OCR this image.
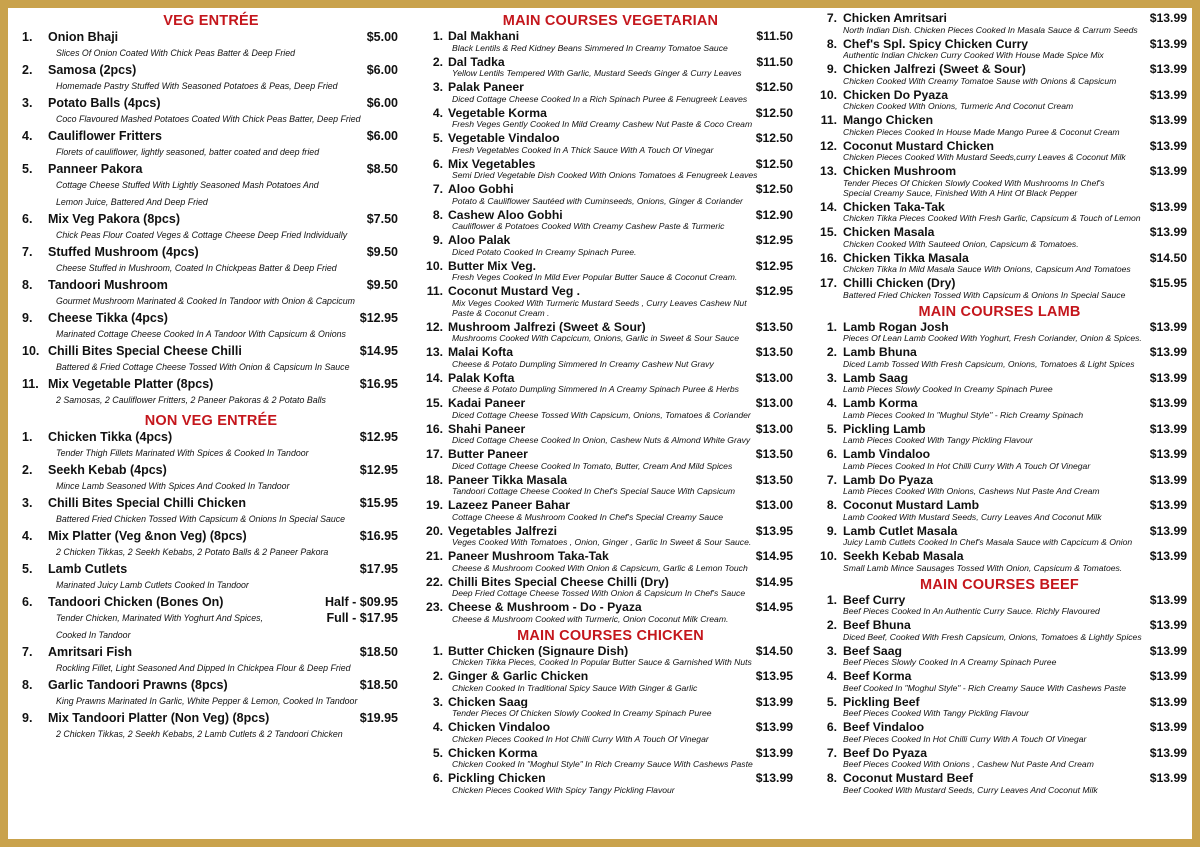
VEG ENTRÉE
1.	Onion Bhaji	$5.00
Slices Of Onion Coated With Chick Peas Batter & Deep Fried
2.	Samosa (2pcs)	$6.00
Homemade Pastry Stuffed With Seasoned Potatoes & Peas, Deep Fried
3.	Potato Balls (4pcs)	$6.00
Coco Flavoured Mashed Potatoes Coated With Chick Peas Batter, Deep Fried
4.	Cauliflower Fritters	$6.00
Florets of cauliflower, lightly seasoned, batter coated and deep fried
5.	Panneer Pakora	$8.50
Cottage Cheese Stuffed With Lightly Seasoned Mash Potatoes And
Lemon Juice, Battered And Deep Fried
6.	Mix Veg Pakora (8pcs)	$7.50
Chick Peas Flour Coated Veges & Cottage Cheese Deep Fried Individually
7.	Stuffed Mushroom (4pcs)	$9.50
Cheese Stuffed in Mushroom, Coated In Chickpeas Batter & Deep Fried
8.	Tandoori Mushroom	$9.50
Gourmet Mushroom Marinated & Cooked In Tandoor with Onion & Capcicum
9.	Cheese Tikka (4pcs)	$12.95
Marinated Cottage Cheese Cooked In A Tandoor With Capsicum & Onions
10. Chilli Bites Special Cheese Chilli	$14.95
Battered & Fried Cottage Cheese Tossed With Onion & Capsicum In Sauce
11. Mix Vegetable Platter (8pcs)	$16.95
2 Samosas, 2 Cauliflower Fritters, 2 Paneer Pakoras & 2 Potato Balls
NON VEG ENTRÉE
1.	Chicken Tikka (4pcs)	$12.95
Tender Thigh Fillets Marinated With Spices & Cooked In Tandoor
2.	Seekh Kebab (4pcs)	$12.95
Mince Lamb Seasoned With Spices And Cooked In Tandoor
3.	Chilli Bites Special Chilli Chicken	$15.95
Battered Fried Chicken Tossed With Capsicum & Onions In Special Sauce
4.	Mix Platter (Veg &non Veg) (8pcs)	$16.95
2 Chicken Tikkas, 2 Seekh Kebabs, 2 Potato Balls & 2 Paneer Pakora
5.	Lamb Cutlets	$17.95
Marinated Juicy Lamb Cutlets Cooked In Tandoor
6.	Tandoori Chicken (Bones On)	Half - $09.95
Tender Chicken, Marinated With Yoghurt And Spices,	Full - $17.95
Cooked In Tandoor
7.	Amritsari Fish	$18.50
Rockling Fillet, Light Seasoned And Dipped In Chickpea Flour & Deep Fried
8.	Garlic Tandoori Prawns (8pcs)	$18.50
King Prawns Marinated In Garlic, White Pepper & Lemon, Cooked In Tandoor
9.	Mix Tandoori Platter (Non Veg) (8pcs)	$19.95
2 Chicken Tikkas, 2 Seekh Kebabs, 2 Lamb Cutlets & 2 Tandoori Chicken
MAIN COURSES VEGETARIAN
1. Dal Makhani	$11.50
Black Lentils & Red Kidney Beans Simmered In Creamy Tomatoe Sauce
2. Dal Tadka	$11.50
Yellow Lentils Tempered With Garlic, Mustard Seeds Ginger & Curry Leaves
3. Palak Paneer	$12.50
Diced Cottage Cheese Cooked In a Rich Spinach Puree & Fenugreek Leaves
4. Vegetable Korma	$12.50
Fresh Veges Gently Cooked In Mild Creamy Cashew Nut Paste & Coco Cream
5. Vegetable Vindaloo	$12.50
Fresh Vegetables Cooked In A Thick Sauce With A Touch Of Vinegar
6. Mix Vegetables	$12.50
Semi Dried Vegetable Dish Cooked With Onions Tomatoes & Fenugreek Leaves
7. Aloo Gobhi	$12.50
Potato & Cauliflower Sautéed with Cuminseeds, Onions, Ginger & Coriander
8. Cashew Aloo Gobhi	$12.90
Cauliflower & Potatoes Cooked With Creamy Cashew Paste & Turmeric
9. Aloo Palak	$12.95
Diced Potato Cooked In Creamy Spinach Puree.
10. Butter Mix Veg.	$12.95
Fresh Veges Cooked In Mild Ever Popular Butter Sauce & Coconut Cream.
11. Coconut Mustard Veg .	$12.95
Mix Veges Cooked With Turmeric Mustard Seeds , Curry Leaves Cashew Nut
Paste & Coconut Cream .
12. Mushroom Jalfrezi (Sweet & Sour)	$13.50
Mushrooms Cooked With Capcicum, Onions, Garlic in Sweet & Sour Sauce
13. Malai Kofta	$13.50
Cheese & Potato Dumpling Simmered In Creamy Cashew Nut Gravy
14. Palak Kofta	$13.00
Cheese & Potato Dumpling Simmered In A Creamy Spinach Puree & Herbs
15. Kadai Paneer	$13.00
Diced Cottage Cheese Tossed With Capsicum, Onions, Tomatoes & Coriander
16. Shahi Paneer	$13.00
Diced Cottage Cheese Cooked In Onion, Cashew Nuts & Almond White Gravy
17. Butter Paneer	$13.50
Diced Cottage Cheese Cooked In Tomato, Butter, Cream And Mild Spices
18. Paneer Tikka Masala	$13.50
Tandoori Cottage Cheese Cooked In Chef's Special Sauce With Capsicum
19. Lazeez Paneer Bahar	$13.00
Cottage Cheese & Mushroom Cooked In Chef's Special Creamy Sauce
20. Vegetables Jalfrezi	$13.95
Veges Cooked With Tomatoes , Onion, Ginger , Garlic In Sweet & Sour Sauce.
21. Paneer Mushroom Taka-Tak	$14.95
Cheese & Mushroom Cooked With Onion & Capsicum, Garlic & Lemon Touch
22. Chilli Bites Special Cheese Chilli (Dry)	$14.95
Deep Fried Cottage Cheese Tossed With Onion & Capsicum In Chef's Sauce
23. Cheese & Mushroom - Do - Pyaza	$14.95
Cheese & Mushroom Cooked with Turmeric, Onion Coconut Milk Cream.
MAIN COURSES CHICKEN
1. Butter Chicken (Signaure Dish)	$14.50
Chicken Tikka Pieces, Cooked In Popular Butter Sauce & Garnished With Nuts
2. Ginger & Garlic Chicken	$13.95
Chicken Cooked In Traditional Spicy Sauce With Ginger & Garlic
3. Chicken Saag	$13.99
Tender Pieces Of Chicken Slowly Cooked In Creamy Spinach Puree
4. Chicken Vindaloo	$13.99
Chicken Pieces Cooked In Hot Chilli Curry With A Touch Of Vinegar
5. Chicken Korma	$13.99
Chicken Cooked In "Moghul Style" In Rich Creamy Sauce With Cashews Paste
6. Pickling Chicken	$13.99
Chicken Pieces Cooked With Spicy Tangy Pickling Flavour
7. Chicken Amritsari	$13.99
North Indian Dish. Chicken Pieces Cooked In Masala Sauce & Carrum Seeds
8. Chef's Spl. Spicy Chicken Curry	$13.99
Authentic Indian Chicken Curry Cooked With House Made Spice Mix
9. Chicken Jalfrezi (Sweet & Sour)	$13.99
Chicken Cooked With Creamy Tomatoe Sause with Onions & Capsicum
10. Chicken Do Pyaza	$13.99
Chicken Cooked With Onions, Turmeric And Coconut Cream
11. Mango Chicken	$13.99
Chicken Pieces Cooked In House Made Mango Puree & Coconut Cream
12. Coconut Mustard Chicken	$13.99
Chicken Pieces Cooked With Mustard Seeds,curry Leaves & Coconut Milk
13. Chicken Mushroom	$13.99
Tender Pieces Of Chicken Slowly Cooked With Mushrooms In Chef's
Special Creamy Sauce, Finished With A Hint Of Black Pepper
14. Chicken Taka-Tak	$13.99
Chicken Tikka Pieces Cooked With Fresh Garlic, Capsicum & Touch of Lemon
15. Chicken Masala	$13.99
Chicken Cooked With Sauteed Onion, Capsicum & Tomatoes.
16. Chicken Tikka Masala	$14.50
Chicken Tikka In Mild Masala Sauce With Onions, Capsicum And Tomatoes
17. Chilli Chicken (Dry)	$15.95
Battered Fried Chicken Tossed With Capsicum & Onions In Special Sauce
MAIN COURSES LAMB
1. Lamb Rogan Josh	$13.99
Pieces Of Lean Lamb Cooked With Yoghurt, Fresh Coriander, Onion & Spices.
2. Lamb Bhuna	$13.99
Diced Lamb Tossed With Fresh Capsicum, Onions, Tomatoes & Light Spices
3. Lamb Saag	$13.99
Lamb Pieces Slowly Cooked In Creamy Spinach Puree
4. Lamb Korma	$13.99
Lamb Pieces Cooked In "Mughul Style" - Rich Creamy Spinach
5. Pickling Lamb	$13.99
Lamb Pieces Cooked With Tangy Pickling Flavour
6. Lamb Vindaloo	$13.99
Lamb Pieces Cooked In Hot Chilli Curry With A Touch Of Vinegar
7. Lamb Do Pyaza	$13.99
Lamb Pieces Cooked With Onions, Cashews Nut Paste And Cream
8. Coconut Mustard Lamb	$13.99
Lamb Cooked With Mustard Seeds, Curry Leaves And Coconut Milk
9. Lamb Cutlet Masala	$13.99
Juicy Lamb Cutlets Cooked In Chef's Masala Sauce with Capcicum & Onion
10. Seekh Kebab Masala	$13.99
Small Lamb Mince Sausages Tossed With Onion, Capsicum & Tomatoes.
MAIN COURSES BEEF
1. Beef Curry	$13.99
Beef Pieces Cooked In An Authentic Curry Sauce. Richly Flavoured
2. Beef Bhuna	$13.99
Diced Beef, Cooked With Fresh Capsicum, Onions, Tomatoes & Lightly Spices
3. Beef Saag	$13.99
Beef Pieces Slowly Cooked In A Creamy Spinach Puree
4. Beef Korma	$13.99
Beef Cooked In "Moghul Style" - Rich Creamy Sauce With Cashews Paste
5. Pickling Beef	$13.99
Beef Pieces Cooked With Tangy Pickling Flavour
6. Beef Vindaloo	$13.99
Beef Pieces Cooked In Hot Chilli Curry With A Touch Of Vinegar
7. Beef Do Pyaza	$13.99
Beef Pieces Cooked With Onions , Cashew Nut Paste And Cream
8. Coconut Mustard Beef	$13.99
Beef Cooked With Mustard Seeds, Curry Leaves And Coconut Milk
